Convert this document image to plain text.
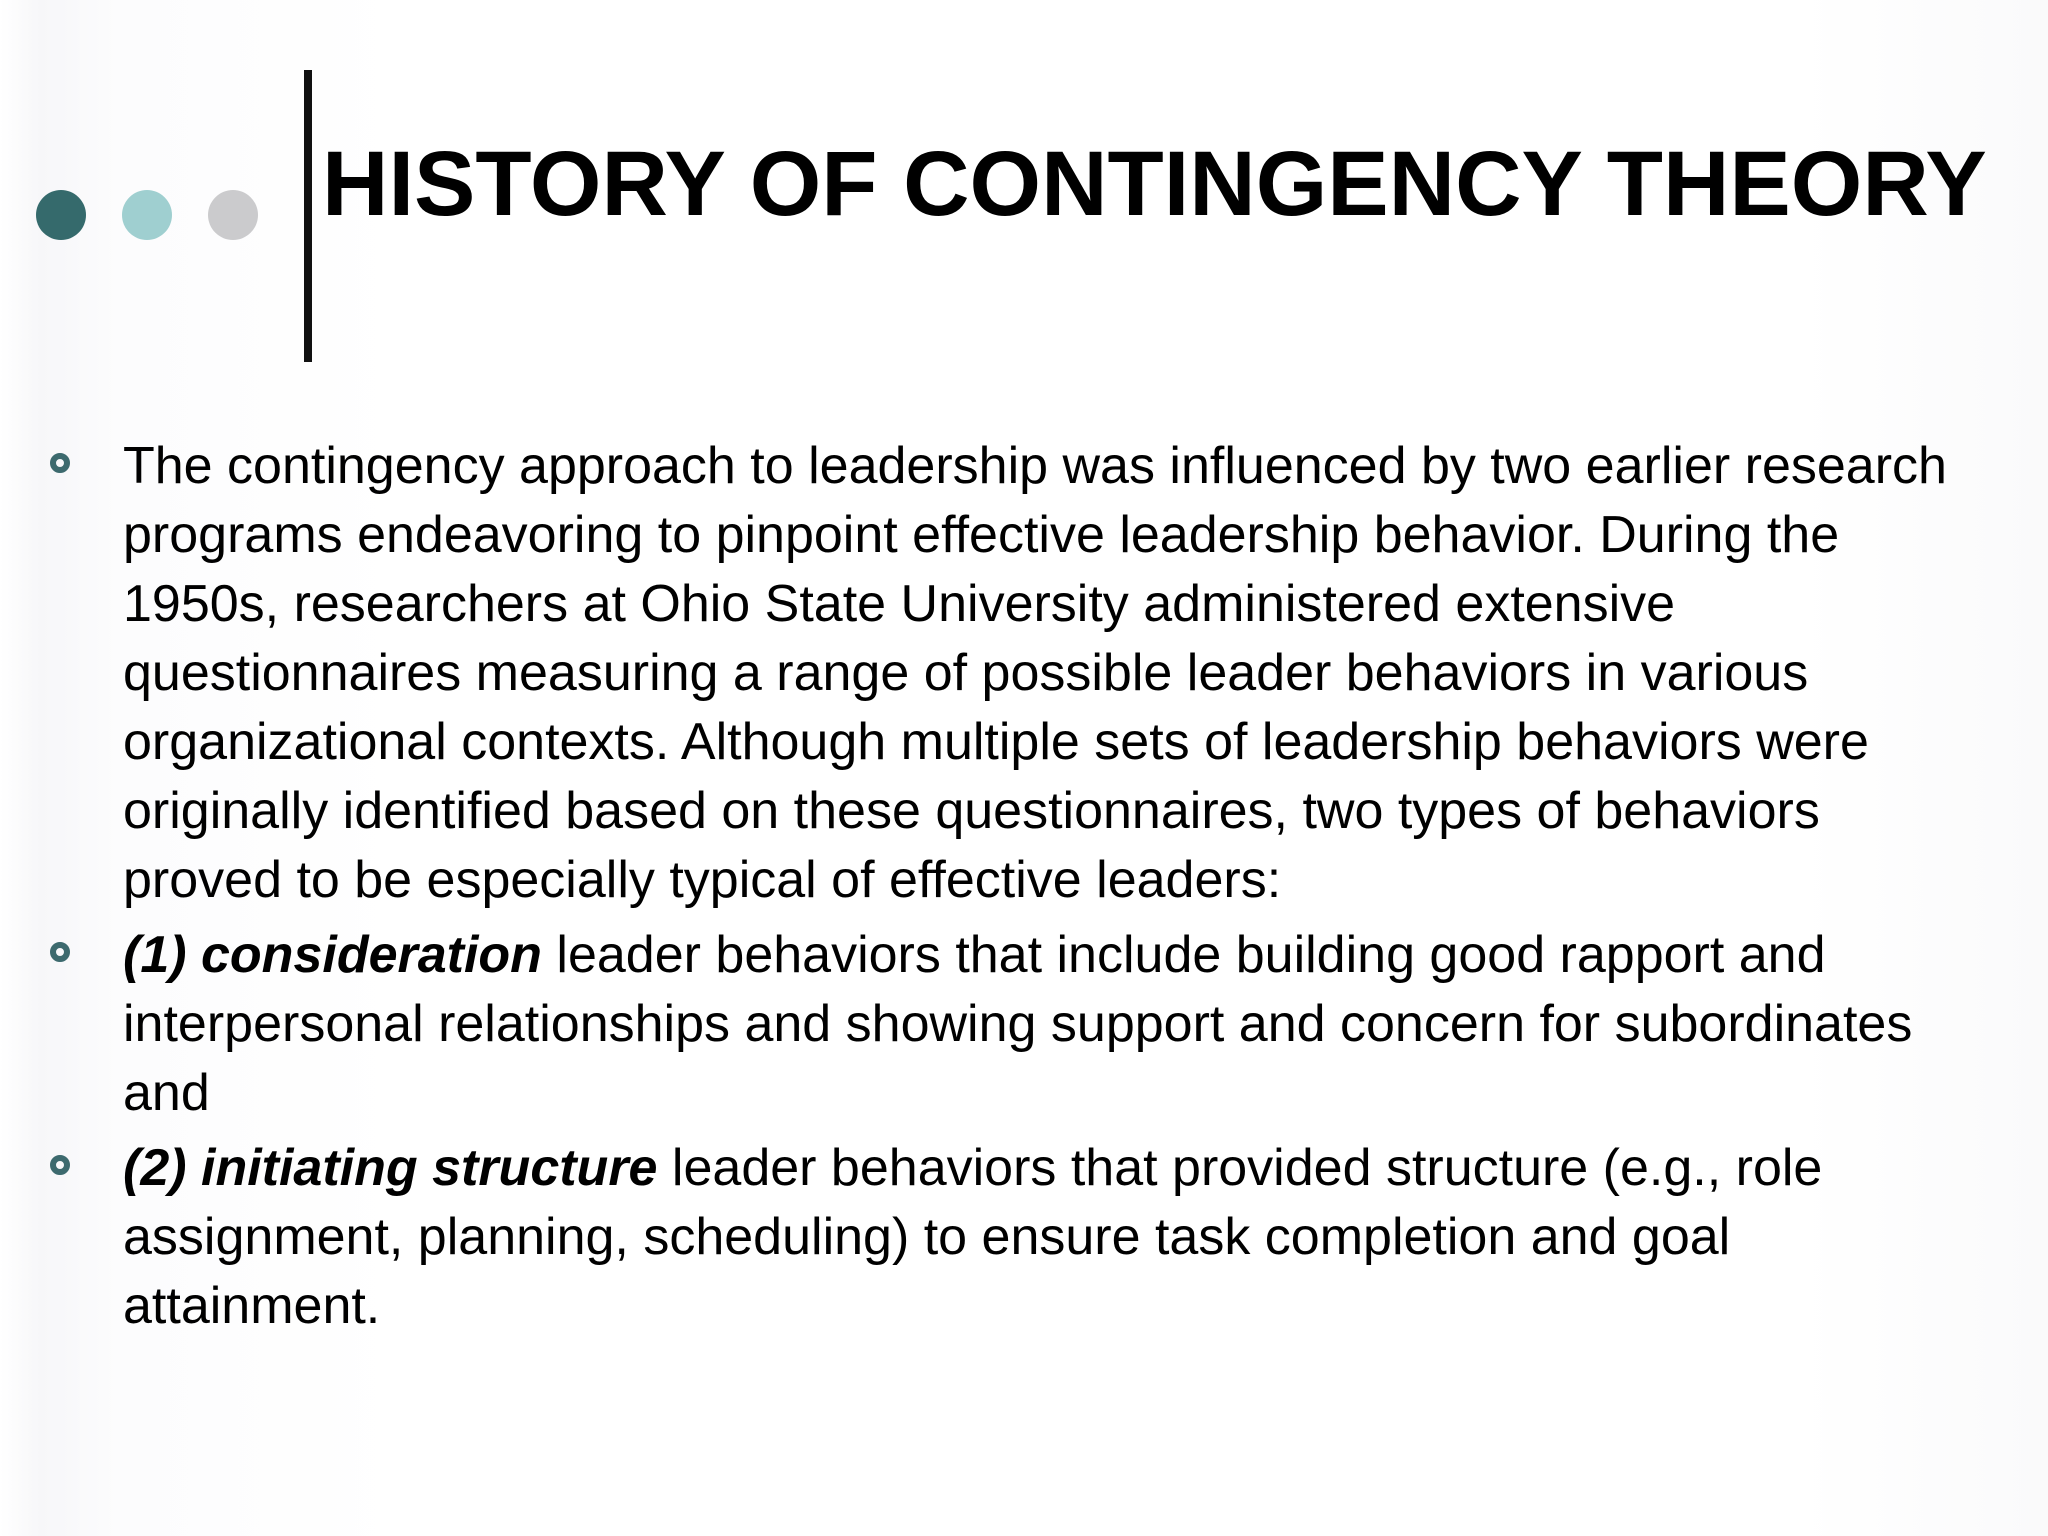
HISTORY OF CONTINGENCY THEORY
The contingency approach to leadership was influenced by two earlier research programs endeavoring to pinpoint effective leadership behavior. During the 1950s, researchers at Ohio State University administered extensive questionnaires measuring a range of possible leader behaviors in various organizational contexts. Although multiple sets of leadership behaviors were originally identified based on these questionnaires, two types of behaviors proved to be especially typical of effective leaders:
(1) consideration leader behaviors that include building good rapport and interpersonal relationships and showing support and concern for subordinates and
(2) initiating structure leader behaviors that provided structure (e.g., role assignment, planning, scheduling) to ensure task completion and goal attainment.
